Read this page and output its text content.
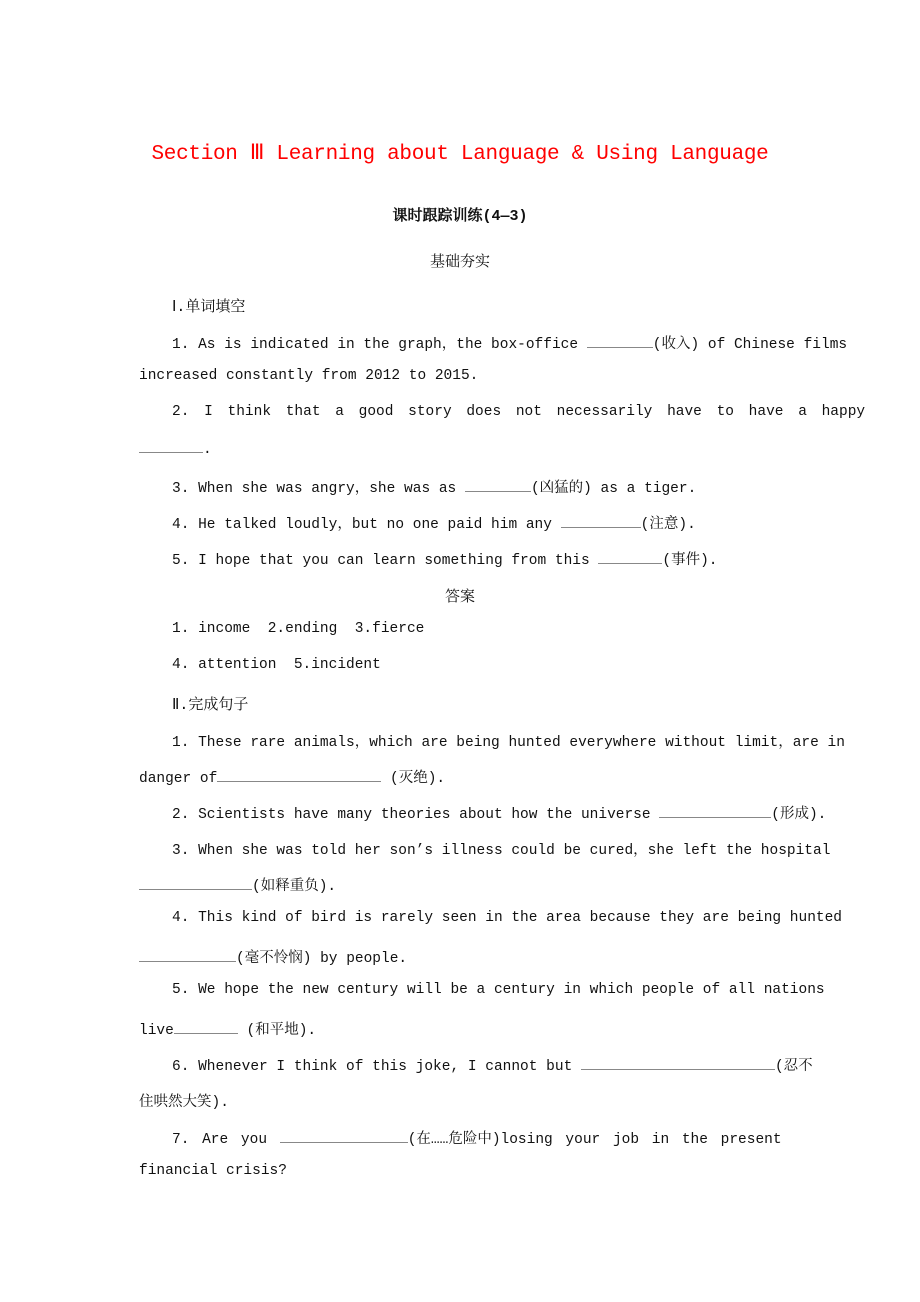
Section Ⅲ Learning about Language & Using Language
课时跟踪训练(4—3)
基础夯实
Ⅰ.单词填空
1. As is indicated in the graph，the box-office	(收入) of Chinese films
increased constantly from 2012 to 2015.
2. I think that a good story does not necessarily have to have a happy
.
3. When she was angry，she was as	(凶猛的) as a tiger.
4. He talked loudly，but no one paid him any	(注意).
5. I hope that you can learn something from this	(事件).
答案
1. income  2.ending  3.fierce
4. attention  5.incident
Ⅱ.完成句子
1. These rare animals，which are being hunted everywhere without limit，are in
danger of	(灭绝).
2. Scientists have many theories about how the universe	(形成).
3. When she was told her son’s illness could be cured，she left the hospital
(如释重负).
4. This kind of bird is rarely seen in the area because they are being hunted
(毫不怜悯) by people.
5. We hope the new century will be a century in which people of all nations
live	(和平地).
6. Whenever I think of this joke, I cannot but	(忍不
住哄然大笑).
7. Are you	(在……危险中)losing your job in the present
financial crisis?
